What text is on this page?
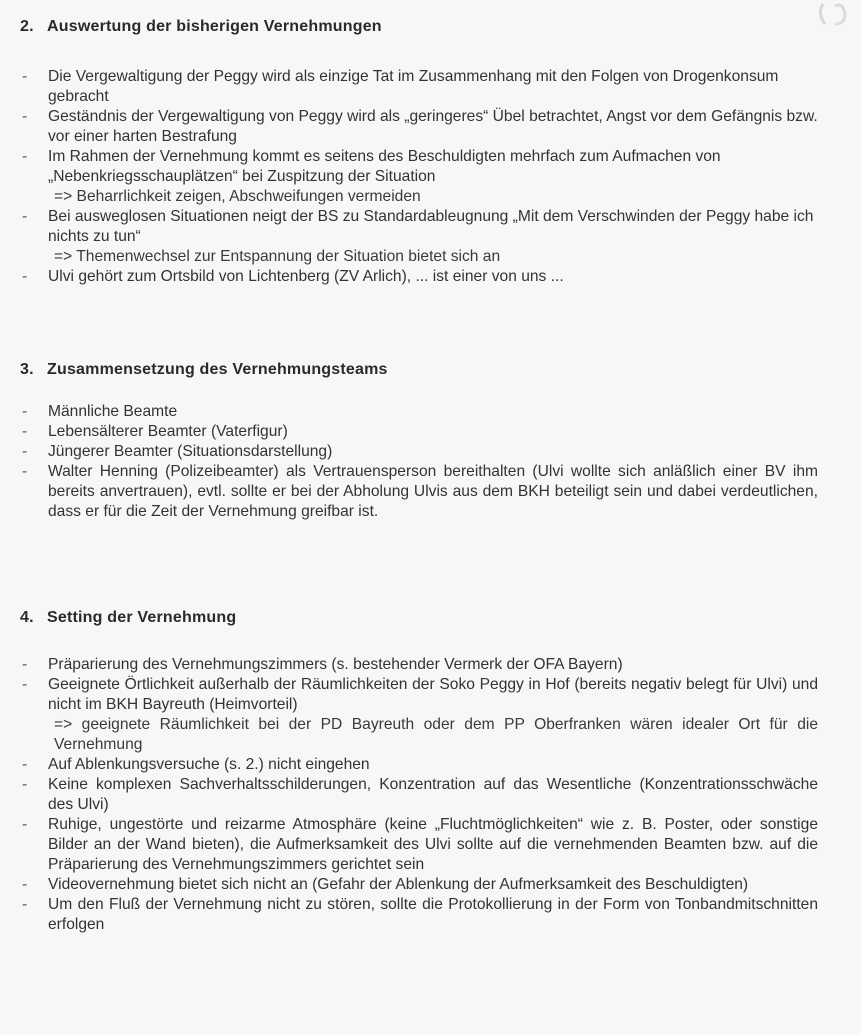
2. Auswertung der bisherigen Vernehmungen
- Die Vergewaltigung der Peggy wird als einzige Tat im Zusammenhang mit den Folgen von Drogenkonsum gebracht
- Geständnis der Vergewaltigung von Peggy wird als „geringeres“ Übel betrachtet, Angst vor dem Gefängnis bzw. vor einer harten Bestrafung
- Im Rahmen der Vernehmung kommt es seitens des Beschuldigten mehrfach zum Aufmachen von „Nebenkriegsschauplätzen“ bei Zuspitzung der Situation
=> Beharrlichkeit zeigen, Abschweifungen vermeiden
- Bei ausweglosen Situationen neigt der BS zu Standardableugnung „Mit dem Verschwinden der Peggy habe ich nichts zu tun“
=> Themenwechsel zur Entspannung der Situation bietet sich an
- Ulvi gehört zum Ortsbild von Lichtenberg (ZV Arlich), ... ist einer von uns ...
3. Zusammensetzung des Vernehmungsteams
- Männliche Beamte
- Lebensälterer Beamter (Vaterfigur)
- Jüngerer Beamter (Situationsdarstellung)
- Walter Henning (Polizeibeamter) als Vertrauensperson bereithalten (Ulvi wollte sich anläßlich einer BV ihm bereits anvertrauen), evtl. sollte er bei der Abholung Ulvis aus dem BKH beteiligt sein und dabei verdeutlichen, dass er für die Zeit der Vernehmung greifbar ist.
4. Setting der Vernehmung
- Präparierung des Vernehmungszimmers (s. bestehender Vermerk der OFA Bayern)
- Geeignete Örtlichkeit außerhalb der Räumlichkeiten der Soko Peggy in Hof (bereits negativ belegt für Ulvi) und nicht im BKH Bayreuth (Heimvorteil)
=> geeignete Räumlichkeit bei der PD Bayreuth oder dem PP Oberfranken wären idealer Ort für die Vernehmung
- Auf Ablenkungsversuche (s. 2.) nicht eingehen
- Keine komplexen Sachverhaltsschilderungen, Konzentration auf das Wesentliche (Konzentrationsschwäche des Ulvi)
- Ruhige, ungestörte und reizarme Atmosphäre (keine „Fluchtmöglichkeiten“ wie z. B. Poster, oder sonstige Bilder an der Wand bieten), die Aufmerksamkeit des Ulvi sollte auf die vernehmenden Beamten bzw. auf die Präparierung des Vernehmungszimmers gerichtet sein
- Videovernehmung bietet sich nicht an (Gefahr der Ablenkung der Aufmerksamkeit des Beschuldigten)
- Um den Fluß der Vernehmung nicht zu stören, sollte die Protokollierung in der Form von Tonbandmitschnitten erfolgen
